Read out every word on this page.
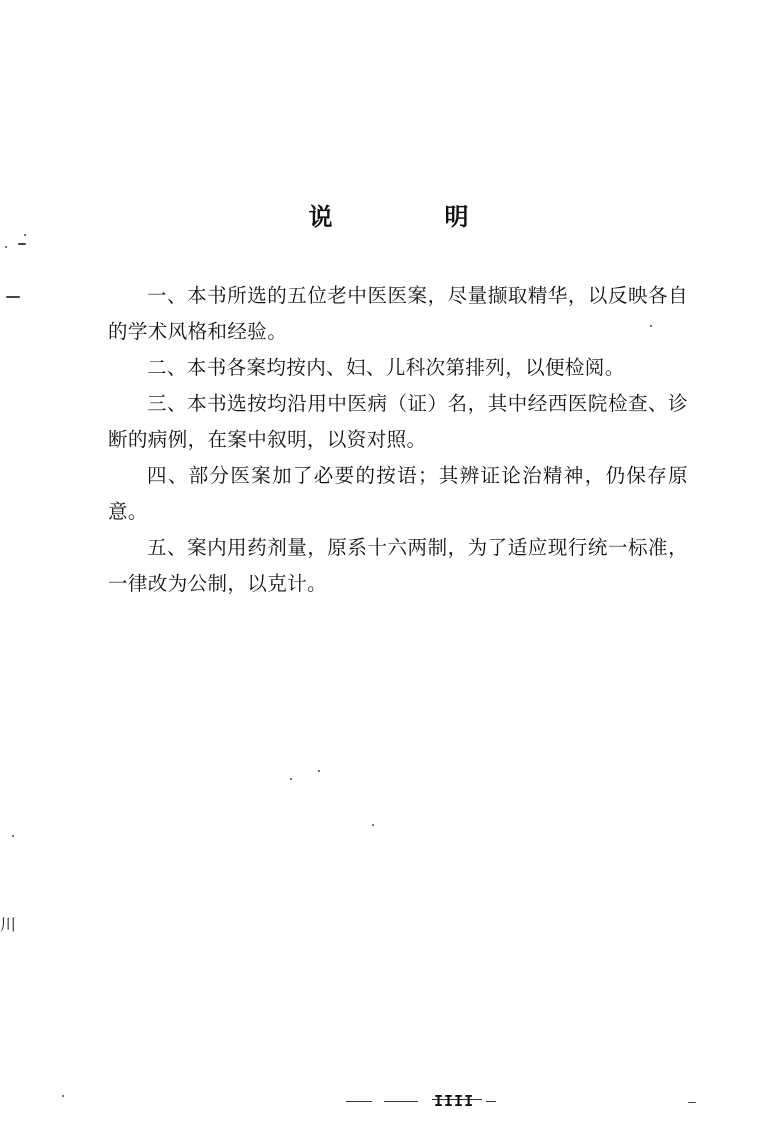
说　明

一、本书所选的五位老中医医案，尽量撷取精华，以反映各自的学术风格和经验。

二、本书各案均按内、妇、儿科次第排列，以便检阅。

三、本书选按均沿用中医病（证）名，其中经西医院检查、诊断的病例，在案中叙明，以资对照。

四、部分医案加了必要的按语；其辨证论治精神，仍保存原意。

五、案内用药剂量，原系十六两制，为了适应现行统一标准，一律改为公制，以克计。

川
IIII
